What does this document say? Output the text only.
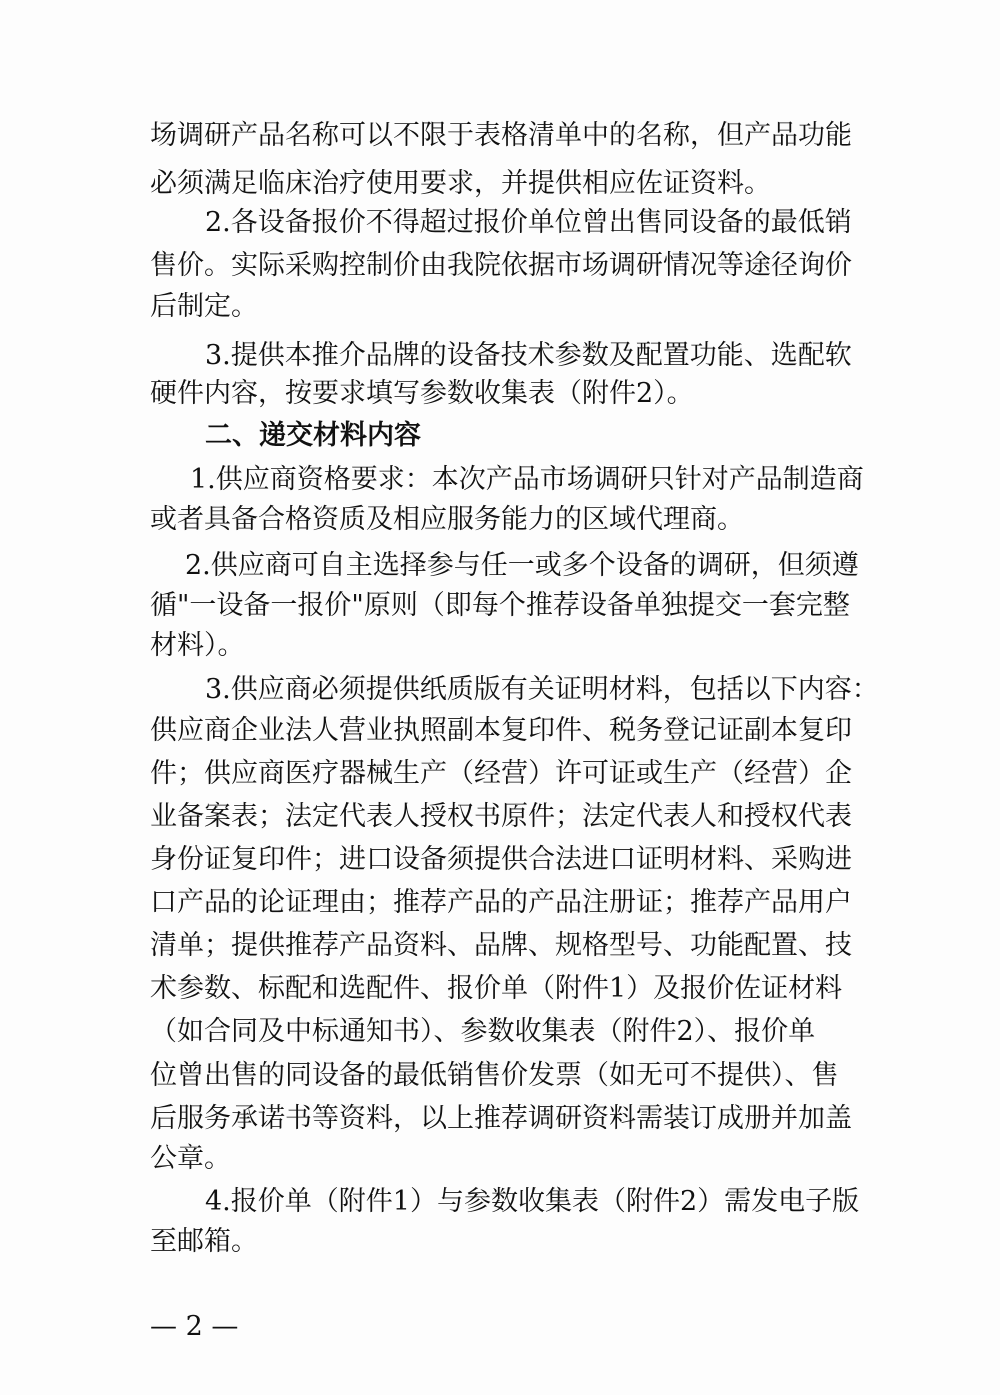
场调研产品名称可以不限于表格清单中的名称，但产品功能
必须满足临床治疗使用要求，并提供相应佐证资料。
2.各设备报价不得超过报价单位曾出售同设备的最低销
售价。实际采购控制价由我院依据市场调研情况等途径询价
后制定。
3.提供本推介品牌的设备技术参数及配置功能、选配软
硬件内容，按要求填写参数收集表（附件2）。
二、递交材料内容
1.供应商资格要求：本次产品市场调研只针对产品制造商
或者具备合格资质及相应服务能力的区域代理商。
2.供应商可自主选择参与任一或多个设备的调研，但须遵
循"一设备一报价"原则（即每个推荐设备单独提交一套完整
材料）。
3.供应商必须提供纸质版有关证明材料，包括以下内容：
供应商企业法人营业执照副本复印件、税务登记证副本复印
件；供应商医疗器械生产（经营）许可证或生产（经营）企
业备案表；法定代表人授权书原件；法定代表人和授权代表
身份证复印件；进口设备须提供合法进口证明材料、采购进
口产品的论证理由；推荐产品的产品注册证；推荐产品用户
清单；提供推荐产品资料、品牌、规格型号、功能配置、技
术参数、标配和选配件、报价单（附件1）及报价佐证材料
（如合同及中标通知书）、参数收集表（附件2）、报价单
位曾出售的同设备的最低销售价发票（如无可不提供）、售
后服务承诺书等资料，以上推荐调研资料需装订成册并加盖
公章。
4.报价单（附件1）与参数收集表（附件2）需发电子版
至邮箱。
— 2 —
